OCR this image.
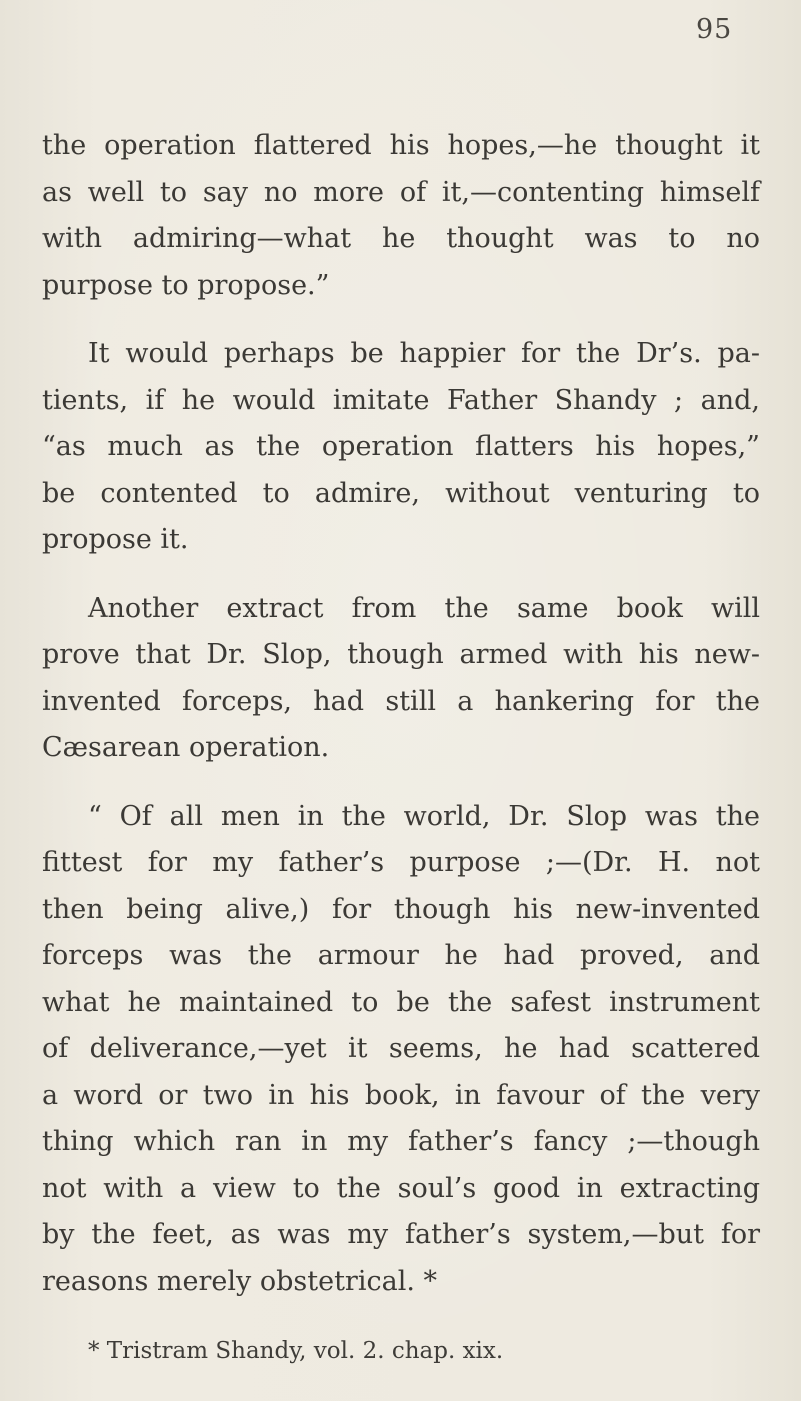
95
the operation flattered his hopes,—he thought it
as well to say no more of it,—contenting himself
with admiring—what he thought was to no
purpose to propose.”
It would perhaps be happier for the Dr’s. pa-
tients, if he would imitate Father Shandy ; and,
“as much as the operation flatters his hopes,”
be contented to admire, without venturing to
propose it.
Another extract from the same book will
prove that Dr. Slop, though armed with his new-
invented forceps, had still a hankering for the
Cæsarean operation.
“ Of all men in the world, Dr. Slop was the
fittest for my father’s purpose ;—(Dr. H. not
then being alive,) for though his new-invented
forceps was the armour he had proved, and
what he maintained to be the safest instrument
of deliverance,—yet it seems, he had scattered
a word or two in his book, in favour of the very
thing which ran in my father’s fancy ;—though
not with a view to the soul’s good in extracting
by the feet, as was my father’s system,—but for
reasons merely obstetrical. *
* Tristram Shandy, vol. 2. chap. xix.
